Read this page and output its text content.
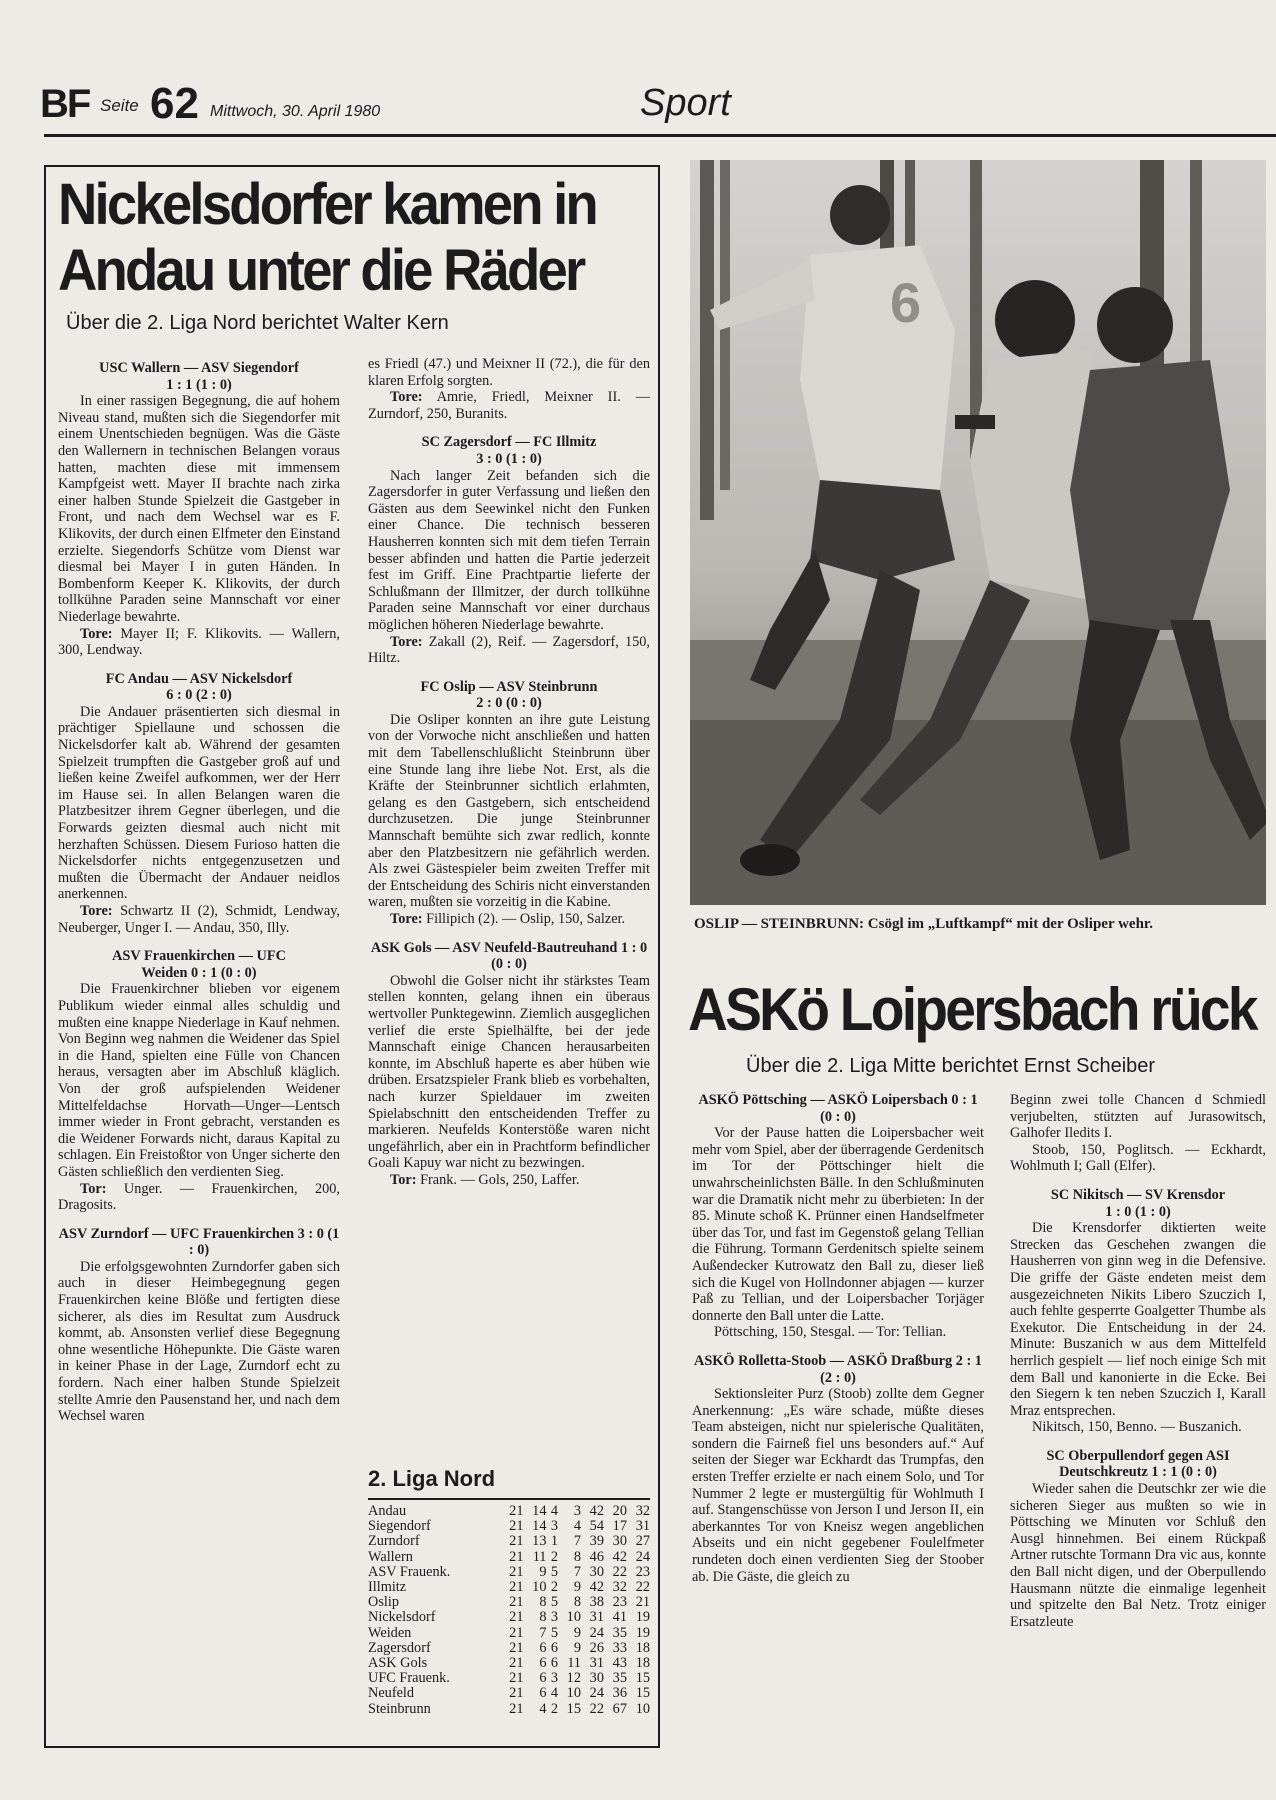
BF Seite 62 Mittwoch, 30. April 1980	Sport
Nickelsdorfer kamen in Andau unter die Räder
Über die 2. Liga Nord berichtet Walter Kern

USC Wallern — ASV Siegendorf

1 : 1 (1 : 0)

In einer rassigen Begegnung, die auf hohem Niveau stand, mußten sich die Siegendorfer mit einem Unentschieden begnügen. Was die Gäste den Wallernern in technischen Belangen voraus hatten, machten diese mit immensem Kampfgeist wett. Mayer II brachte nach zirka einer halben Stunde Spielzeit die Gastgeber in Front, und nach dem Wechsel war es F. Klikovits, der durch einen Elfmeter den Einstand erzielte. Siegendorfs Schütze vom Dienst war diesmal bei Mayer I in guten Händen. In Bombenform Keeper K. Klikovits, der durch tollkühne Paraden seine Mannschaft vor einer Niederlage bewahrte.

Tore: Mayer II; F. Klikovits. — Wallern, 300, Lendway.

FC Andau — ASV Nickelsdorf

6 : 0 (2 : 0)

Die Andauer präsentierten sich diesmal in prächtiger Spiellaune und schossen die Nickelsdorfer kalt ab. Während der gesamten Spielzeit trumpften die Gastgeber groß auf und ließen keine Zweifel aufkommen, wer der Herr im Hause sei. In allen Belangen waren die Platzbesitzer ihrem Gegner überlegen, und die Forwards geizten diesmal auch nicht mit herzhaften Schüssen. Diesem Furioso hatten die Nickelsdorfer nichts entgegenzusetzen und mußten die Übermacht der Andauer neidlos anerkennen.

Tore: Schwartz II (2), Schmidt, Lendway, Neuberger, Unger I. — Andau, 350, Illy.

ASV Frauenkirchen — UFC

Weiden 0 : 1 (0 : 0)

Die Frauenkirchner blieben vor eigenem Publikum wieder einmal alles schuldig und mußten eine knappe Niederlage in Kauf nehmen. Von Beginn weg nahmen die Weidener das Spiel in die Hand, spielten eine Fülle von Chancen heraus, versagten aber im Abschluß kläglich. Von der groß aufspielenden Weidener Mittelfeldachse Horvath—Unger—Lentsch immer wieder in Front gebracht, verstanden es die Weidener Forwards nicht, daraus Kapital zu schlagen. Ein Freistoßtor von Unger sicherte den Gästen schließlich den verdienten Sieg.

Tor: Unger. — Frauenkirchen, 200, Dragosits.

ASV Zurndorf — UFC Frauenkirchen 3 : 0 (1 : 0)

Die erfolgsgewohnten Zurndorfer gaben sich auch in dieser Heimbegegnung gegen Frauenkirchen keine Blöße und fertigten diese sicherer, als dies im Resultat zum Ausdruck kommt, ab. Ansonsten verlief diese Begegnung ohne wesentliche Höhepunkte. Die Gäste waren in keiner Phase in der Lage, Zurndorf echt zu fordern. Nach einer halben Stunde Spielzeit stellte Amrie den Pausenstand her, und nach dem Wechsel waren

es Friedl (47.) und Meixner II (72.), die für den klaren Erfolg sorgten.

Tore: Amrie, Friedl, Meixner II. — Zurndorf, 250, Buranits.

SC Zagersdorf — FC Illmitz

3 : 0 (1 : 0)

Nach langer Zeit befanden sich die Zagersdorfer in guter Verfassung und ließen den Gästen aus dem Seewinkel nicht den Funken einer Chance. Die technisch besseren Hausherren konnten sich mit dem tiefen Terrain besser abfinden und hatten die Partie jederzeit fest im Griff. Eine Prachtpartie lieferte der Schlußmann der Illmitzer, der durch tollkühne Paraden seine Mannschaft vor einer durchaus möglichen höheren Niederlage bewahrte.

Tore: Zakall (2), Reif. — Zagersdorf, 150, Hiltz.

FC Oslip — ASV Steinbrunn

2 : 0 (0 : 0)

Die Osliper konnten an ihre gute Leistung von der Vorwoche nicht anschließen und hatten mit dem Tabellenschlußlicht Steinbrunn über eine Stunde lang ihre liebe Not. Erst, als die Kräfte der Steinbrunner sichtlich erlahmten, gelang es den Gastgebern, sich entscheidend durchzusetzen. Die junge Steinbrunner Mannschaft bemühte sich zwar redlich, konnte aber den Platzbesitzern nie gefährlich werden. Als zwei Gästespieler beim zweiten Treffer mit der Entscheidung des Schiris nicht einverstanden waren, mußten sie vorzeitig in die Kabine.

Tore: Fillipich (2). — Oslip, 150, Salzer.

ASK Gols — ASV Neufeld-Bautreuhand 1 : 0 (0 : 0)

Obwohl die Golser nicht ihr stärkstes Team stellen konnten, gelang ihnen ein überaus wertvoller Punktegewinn. Ziemlich ausgeglichen verlief die erste Spielhälfte, bei der jede Mannschaft einige Chancen herausarbeiten konnte, im Abschluß haperte es aber hüben wie drüben. Ersatzspieler Frank blieb es vorbehalten, nach kurzer Spieldauer im zweiten Spielabschnitt den entscheidenden Treffer zu markieren. Neufelds Konterstöße waren nicht ungefährlich, aber ein in Prachtform befindlicher Goali Kapuy war nicht zu bezwingen.

Tor: Frank. — Gols, 250, Laffer.

2. Liga Nord
Andau	21	14	4	3	42	20	32
Siegendorf	21	14	3	4	54	17	31
Zurndorf	21	13	1	7	39	30	27
Wallern	21	11	2	8	46	42	24
ASV Frauenk.	21	9	5	7	30	22	23
Illmitz	21	10	2	9	42	32	22
Oslip	21	8	5	8	38	23	21
Nickelsdorf	21	8	3	10	31	41	19
Weiden	21	7	5	9	24	35	19
Zagersdorf	21	6	6	9	26	33	18
ASK Gols	21	6	6	11	31	43	18
UFC Frauenk.	21	6	3	12	30	35	15
Neufeld	21	6	4	10	24	36	15
Steinbrunn	21	4	2	15	22	67	10
6
OSLIP — STEINBRUNN: Csögl im „Luftkampf“ mit der Osliper wehr.
ASKö Loipersbach rück
Über die 2. Liga Mitte berichtet Ernst Scheiber

ASKÖ Pöttsching — ASKÖ Loipersbach 0 : 1 (0 : 0)

Vor der Pause hatten die Loipersbacher weit mehr vom Spiel, aber der überragende Gerdenitsch im Tor der Pöttschinger hielt die unwahrscheinlichsten Bälle. In den Schlußminuten war die Dramatik nicht mehr zu überbieten: In der 85. Minute schoß K. Prünner einen Handselfmeter über das Tor, und fast im Gegenstoß gelang Tellian die Führung. Tormann Gerdenitsch spielte seinem Außendecker Kutrowatz den Ball zu, dieser ließ sich die Kugel von Hollndonner abjagen — kurzer Paß zu Tellian, und der Loipersbacher Torjäger donnerte den Ball unter die Latte.

Pöttsching, 150, Stesgal. — Tor: Tellian.

ASKÖ Rolletta-Stoob — ASKÖ Draßburg 2 : 1 (2 : 0)

Sektionsleiter Purz (Stoob) zollte dem Gegner Anerkennung: „Es wäre schade, müßte dieses Team absteigen, nicht nur spielerische Qualitäten, sondern die Fairneß fiel uns besonders auf.“ Auf seiten der Sieger war Eckhardt das Trumpfas, den ersten Treffer erzielte er nach einem Solo, und Tor Nummer 2 legte er mustergültig für Wohlmuth I auf. Stangenschüsse von Jerson I und Jerson II, ein aberkanntes Tor von Kneisz wegen angeblichen Abseits und ein nicht gegebener Foulelfmeter rundeten doch einen verdienten Sieg der Stoober ab. Die Gäste, die gleich zu

Beginn zwei tolle Chancen d Schmiedl verjubelten, stützten auf Jurasowitsch, Galhofer Iledits I.

Stoob, 150, Poglitsch. — Eckhardt, Wohlmuth I; Gall (Elfer).

SC Nikitsch — SV Krensdor

1 : 0 (1 : 0)

Die Krensdorfer diktierten weite Strecken das Geschehen zwangen die Hausherren von ginn weg in die Defensive. Die griffe der Gäste endeten meist dem ausgezeichneten Nikits Libero Szuczich I, auch fehlte gesperrte Goalgetter Thumbe als Exekutor. Die Entscheidung in der 24. Minute: Buszanich w aus dem Mittelfeld herrlich gespielt — lief noch einige Sch mit dem Ball und kanonierte in die Ecke. Bei den Siegern k ten neben Szuczich I, Karall Mraz entsprechen.

Nikitsch, 150, Benno. — Buszanich.

SC Oberpullendorf gegen ASI Deutschkreutz 1 : 1 (0 : 0)

Wieder sahen die Deutschkr zer wie die sicheren Sieger aus mußten so wie in Pöttsching we Minuten vor Schluß den Ausgl hinnehmen. Bei einem Rückpaß Artner rutschte Tormann Dra vic aus, konnte den Ball nicht digen, und der Oberpullendo Hausmann nützte die einmalige legenheit und spitzelte den Bal Netz. Trotz einiger Ersatzleute
